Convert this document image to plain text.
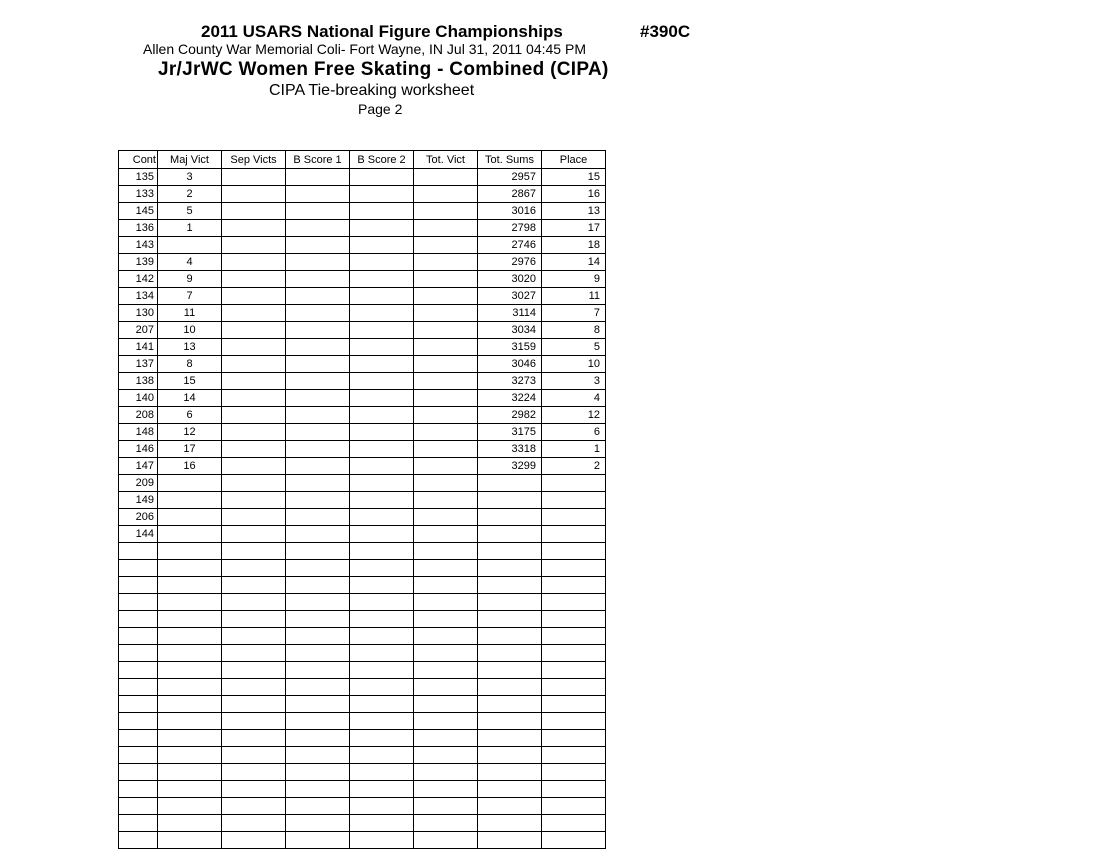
2011 USARS National Figure Championships	#390C
Allen County War Memorial Coli- Fort Wayne, IN Jul 31, 2011 04:45 PM
Jr/JrWC Women Free Skating - Combined (CIPA)
CIPA Tie-breaking worksheet
Page 2
Cont	Maj Vict	Sep Victs	B Score 1	B Score 2	Tot. Vict	Tot. Sums	Place
135	3					2957	15
133	2					2867	16
145	5					3016	13
136	1					2798	17
143						2746	18
139	4					2976	14
142	9					3020	9
134	7					3027	11
130	11					3114	7
207	10					3034	8
141	13					3159	5
137	8					3046	10
138	15					3273	3
140	14					3224	4
208	6					2982	12
148	12					3175	6
146	17					3318	1
147	16					3299	2
209							
149							
206							
144							
